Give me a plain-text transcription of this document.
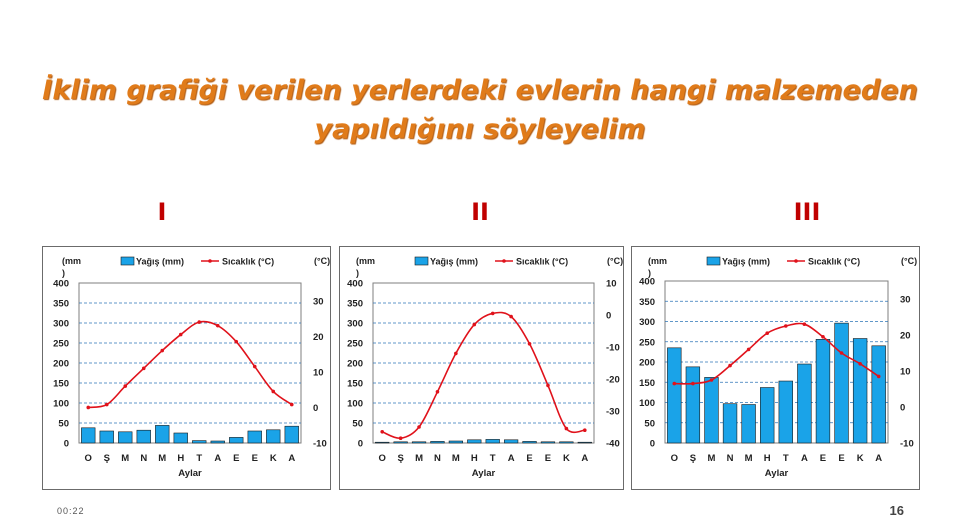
İklim grafiği verilen yerlerdeki evlerin hangi malzemeden
yapıldığını söyleyelim
I	II	III
0
50
100
150
200
250
300
350
400
-10
0
10
20
30
O Ş M N M H T A E E K A
Aylar
(mm
)
(°C)
Yağış (mm)	Sıcaklık (°C)
0
50
100
150
200
250
300
350
400
-40
-30
-20
-10
0
10
O Ş M N M H T A E E K A
Aylar
(mm
)
(°C)
Yağış (mm)	Sıcaklık (°C)
0
50
100
150
200
250
300
350
400
-10
0
10
20
30
O Ş M N M H T A E E K A
Aylar
(mm
)
(°C)
Yağış (mm)	Sıcaklık (°C)
00:22	16
